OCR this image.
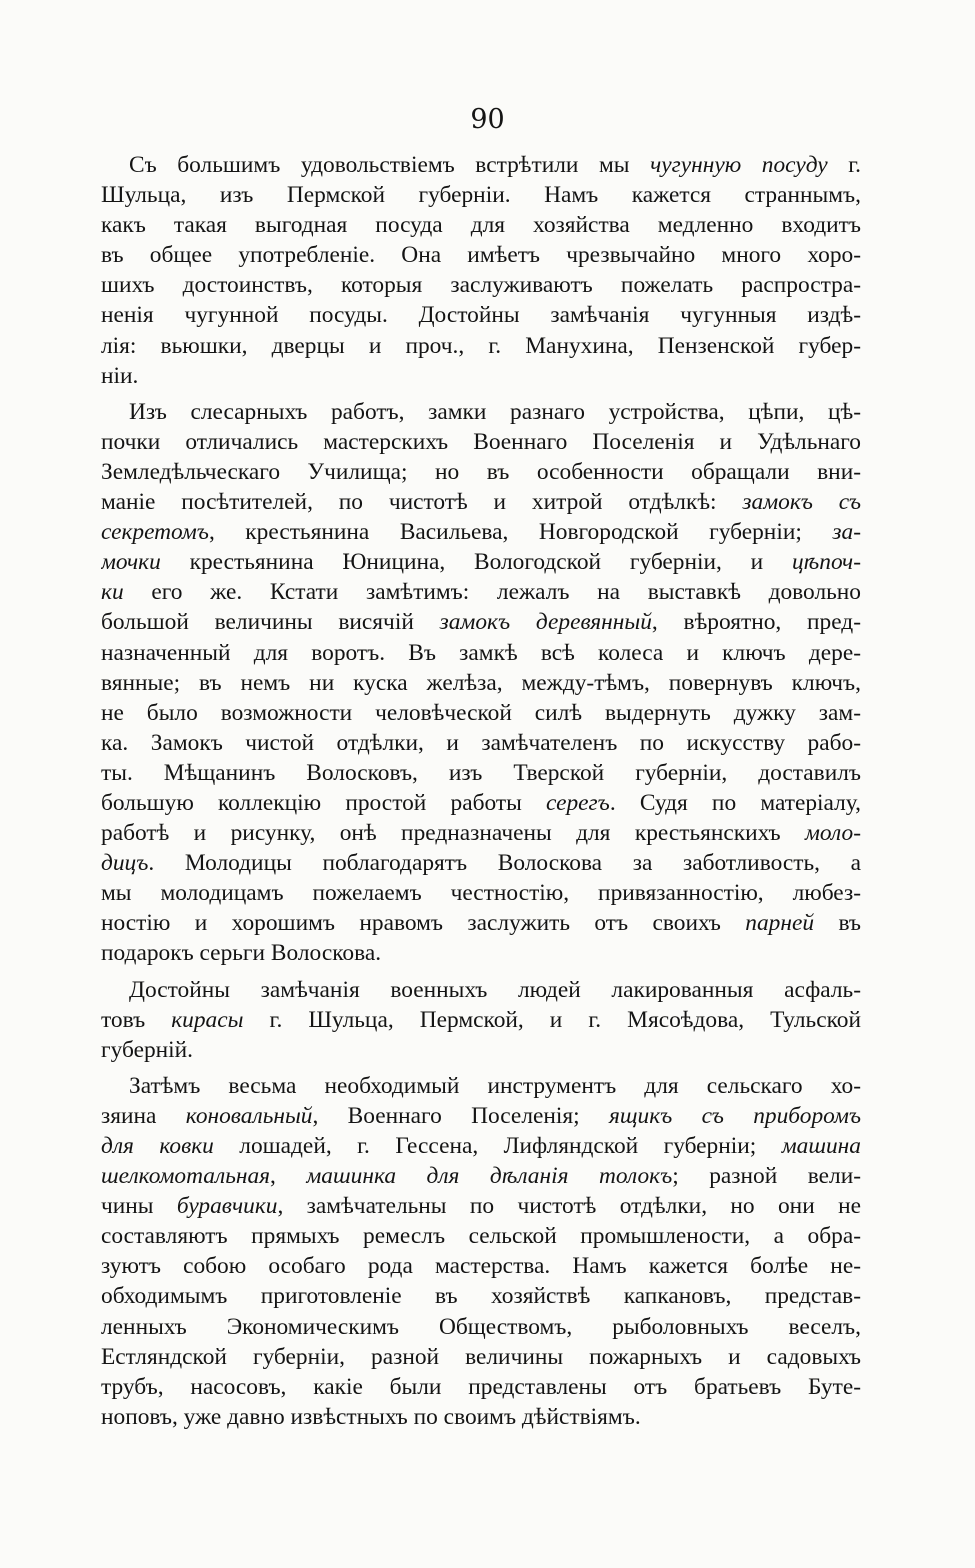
90
Съ большимъ удовольствiемъ встрѣтили мы чугунную посуду г.
Шульца, изъ Пермской губернiи. Намъ кажется страннымъ,
какъ такая выгодная посуда для хозяйства медленно входитъ
въ общее употребленiе. Она имѣетъ чрезвычайно много хоро-
шихъ достоинствъ, которыя заслуживаютъ пожелать распростра-
ненiя чугунной посуды. Достойны замѣчанiя чугунныя издѣ-
лiя: вьюшки, дверцы и проч., г. Манухина, Пензенской губер-
нiи.
Изъ слесарныхъ работъ, замки разнаго устройства, цѣпи, цѣ-
почки отличались мастерскихъ Военнаго Поселенiя и Удѣльнаго
Земледѣльческаго Училища; но въ особенности обращали вни-
манiе посѣтителей, по чистотѣ и хитрой отдѣлкѣ: замокъ съ
секретомъ, крестьянина Васильева, Новгородской губернiи; за-
мочки крестьянина Юницина, Вологодской губернiи, и цѣпоч-
ки его же. Кстати замѣтимъ: лежалъ на выставкѣ довольно
большой величины висячiй замокъ деревянный, вѣроятно, пред-
назначенный для воротъ. Въ замкѣ всѣ колеса и ключъ дере-
вянные; въ немъ ни куска желѣза, между-тѣмъ, повернувъ ключъ,
не было возможности человѣческой силѣ выдернуть дужку зам-
ка. Замокъ чистой отдѣлки, и замѣчателенъ по искусству рабо-
ты. Мѣщанинъ Волосковъ, изъ Тверской губернiи, доставилъ
большую коллекцiю простой работы серегъ. Судя по матерiалу,
работѣ и рисунку, онѣ предназначены для крестьянскихъ моло-
дицъ. Молодицы поблагодарятъ Волоскова за заботливость, а
мы молодицамъ пожелаемъ честностiю, привязанностiю, любез-
ностiю и хорошимъ нравомъ заслужить отъ своихъ парней въ
подарокъ серьги Волоскова.
Достойны замѣчанiя военныхъ людей лакированныя асфаль-
товъ кирасы г. Шульца, Пермской, и г. Мясоѣдова, Тульской
губернiй.
Затѣмъ весьма необходимый инструментъ для сельскаго хо-
зяина коновальный, Военнаго Поселенiя; ящикъ съ приборомъ
для ковки лошадей, г. Гессена, Лифляндской губернiи; машина
шелкомотальная, машинка для дѣланiя толокъ; разной вели-
чины буравчики, замѣчательны по чистотѣ отдѣлки, но они не
составляютъ прямыхъ ремеслъ сельской промышлености, а обра-
зуютъ собою особаго рода мастерства. Намъ кажется болѣе не-
обходимымъ приготовленiе въ хозяйствѣ капкановъ, представ-
ленныхъ Экономическимъ Обществомъ, рыболовныхъ веселъ,
Естляндской губернiи, разной величины пожарныхъ и садовыхъ
трубъ, насосовъ, какiе были представлены отъ братьевъ Буте-
ноповъ, уже давно извѣстныхъ по своимъ дѣйствiямъ.
